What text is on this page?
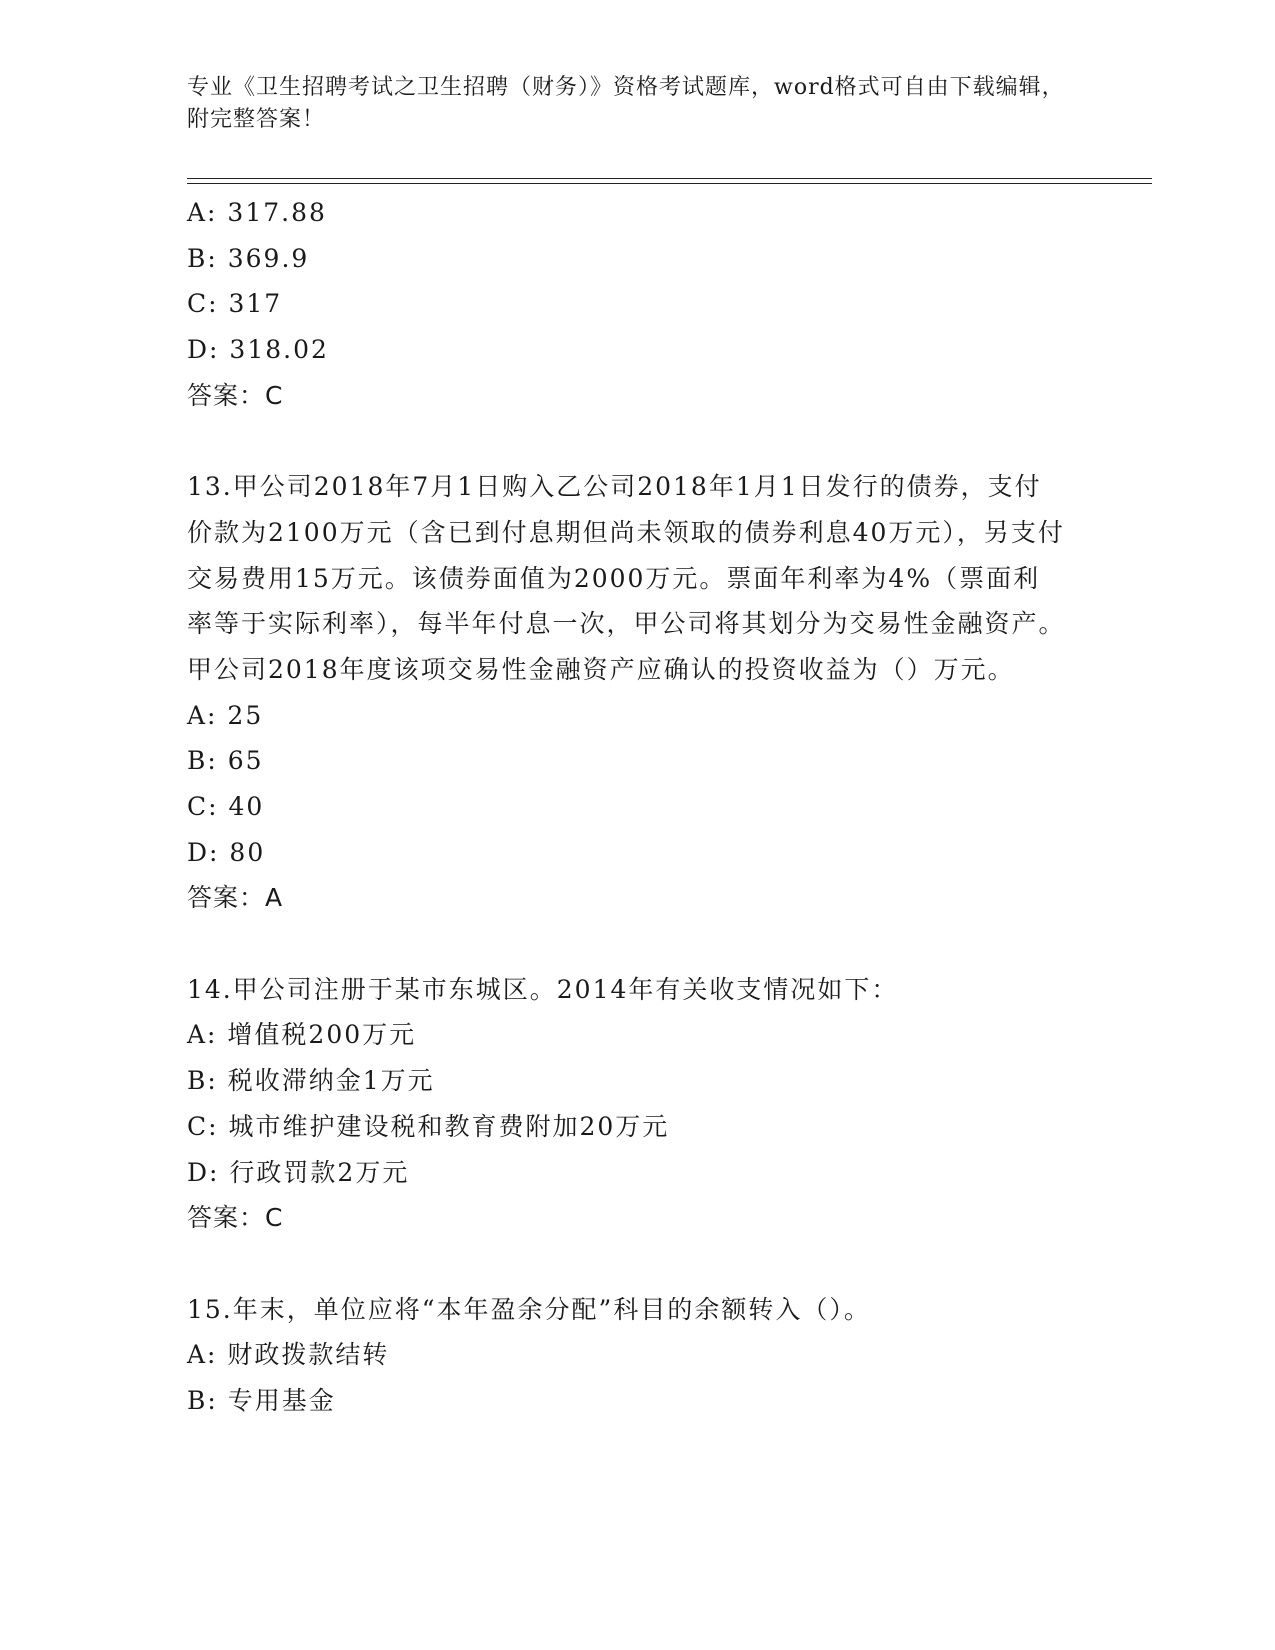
专业《卫生招聘考试之卫生招聘（财务）》资格考试题库，word格式可自由下载编辑，附完整答案！
A: 317.88
B: 369.9
C: 317
D: 318.02
答案：C
13.甲公司2018年7月1日购入乙公司2018年1月1日发行的债券，支付价款为2100万元（含已到付息期但尚未领取的债券利息40万元），另支付交易费用15万元。该债券面值为2000万元。票面年利率为4%（票面利率等于实际利率），每半年付息一次，甲公司将其划分为交易性金融资产。甲公司2018年度该项交易性金融资产应确认的投资收益为（）万元。
A: 25
B: 65
C: 40
D: 80
答案：A
14.甲公司注册于某市东城区。2014年有关收支情况如下：
A: 增值税200万元
B: 税收滞纳金1万元
C: 城市维护建设税和教育费附加20万元
D: 行政罚款2万元
答案：C
15.年末，单位应将“本年盈余分配”科目的余额转入（）。
A: 财政拨款结转
B: 专用基金
